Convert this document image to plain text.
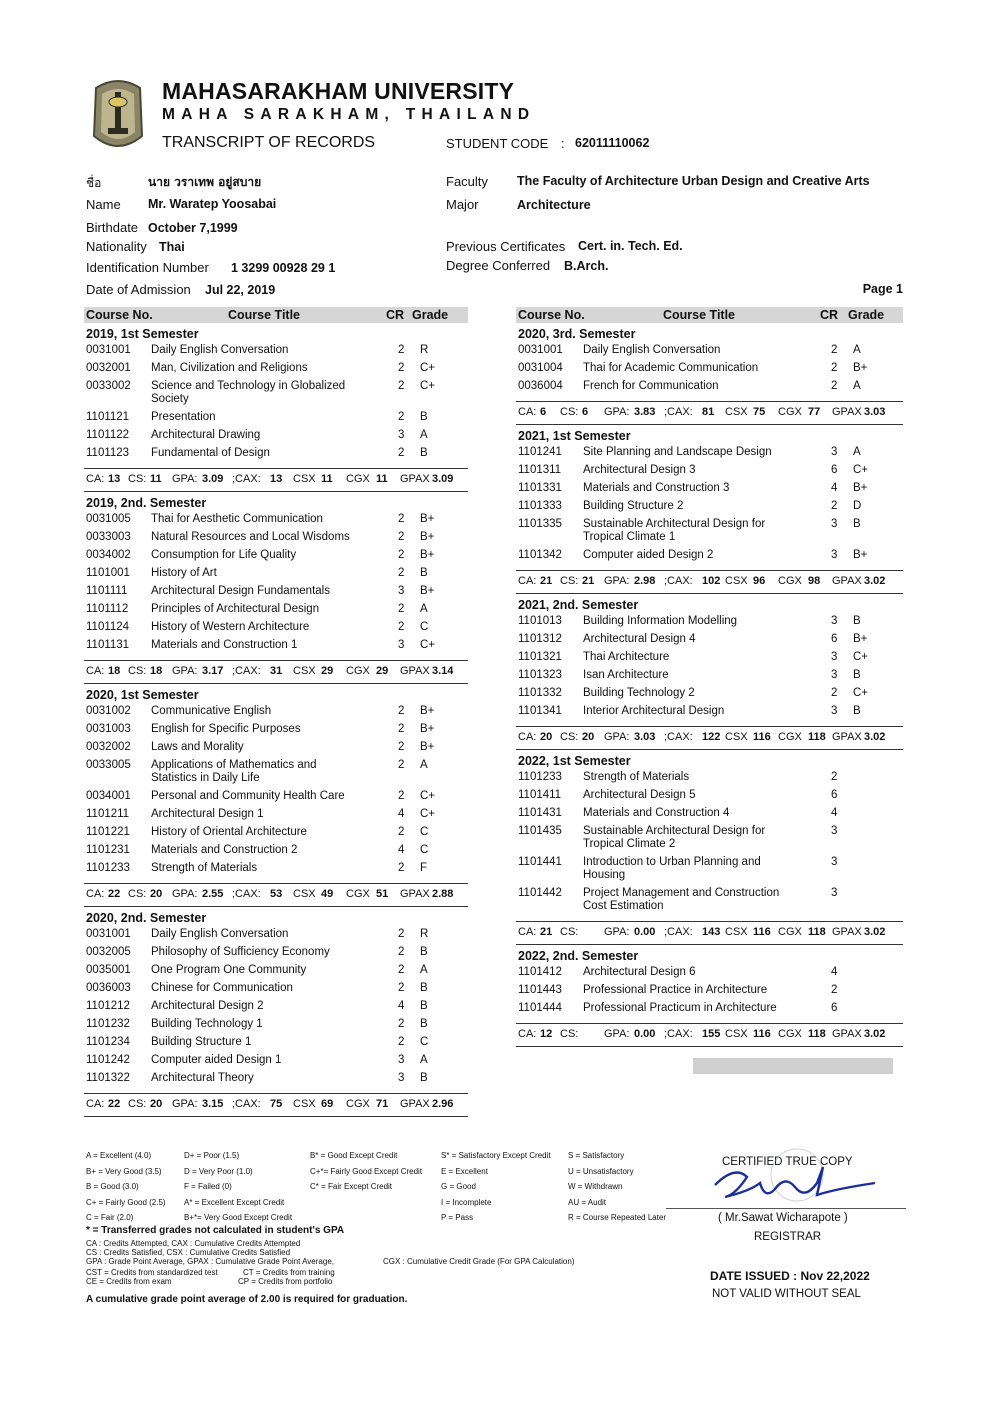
MAHASARAKHAM UNIVERSITY
MAHA SARAKHAM, THAILAND
TRANSCRIPT OF RECORDS	STUDENT CODE : 62011110062
ชื่อ	นาย วราเทพ อยู่สบาย
Name Mr. Waratep Yoosabai
Birthdate October 7,1999
Nationality Thai
Identification Number 1 3299 00928 29 1
Date of Admission Jul 22, 2019
Faculty The Faculty of Architecture Urban Design and Creative Arts
Major	Architecture
Previous Certificates Cert. in. Tech. Ed.
Degree Conferred B.Arch.
Page 1
Course No.	Course Title	CR Grade
2019, 1st Semester
0031001 Daily English Conversation	2 R
0032001 Man, Civilization and Religions	2 C+
0033002 Science and Technology in Globalized Society
2 C+
1101121 Presentation	2 B
1101122 Architectural Drawing	3 A
1101123 Fundamental of Design	2 B
CA: 13 CS: 11 GPA: 3.09 ;CAX: 13 CSX 11 CGX 11 GPAX 3.09
2019, 2nd. Semester
0031005 Thai for Aesthetic Communication	2 B+
0033003 Natural Resources and Local Wisdoms	2 B+
0034002 Consumption for Life Quality	2 B+
1101001 History of Art	2 B
1101111 Architectural Design Fundamentals	3 B+
1101112 Principles of Architectural Design	2 A
1101124 History of Western Architecture	2 C
1101131 Materials and Construction 1	3 C+
CA: 18 CS: 18 GPA: 3.17 ;CAX: 31 CSX 29 CGX 29 GPAX 3.14
2020, 1st Semester
0031002 Communicative English	2 B+
0031003 English for Specific Purposes	2 B+
0032002 Laws and Morality	2 B+
0033005 Applications of Mathematics and Statistics in Daily Life
2 A
0034001 Personal and Community Health Care	2 C+
1101211 Architectural Design 1	4 C+
1101221 History of Oriental Architecture	2 C
1101231 Materials and Construction 2	4 C
1101233 Strength of Materials	2 F
CA: 22 CS: 20 GPA: 2.55 ;CAX: 53 CSX 49 CGX 51 GPAX 2.88
2020, 2nd. Semester
0031001 Daily English Conversation	2 R
0032005 Philosophy of Sufficiency Economy	2 B
0035001 One Program One Community	2 A
0036003 Chinese for Communication	2 B
1101212 Architectural Design 2	4 B
1101232 Building Technology 1	2 B
1101234 Building Structure 1	2 C
1101242 Computer aided Design 1	3 A
1101322 Architectural Theory	3 B
CA: 22 CS: 20 GPA: 3.15 ;CAX: 75 CSX 69 CGX 71 GPAX 2.96
Course No.	Course Title	CR Grade
2020, 3rd. Semester
0031001 Daily English Conversation	2 A
0031004 Thai for Academic Communication	2 B+
0036004 French for Communication	2 A
CA: 6 CS: 6 GPA: 3.83 ;CAX: 81 CSX 75 CGX 77 GPAX 3.03
2021, 1st Semester
1101241 Site Planning and Landscape Design	3 A
1101311 Architectural Design 3	6 C+
1101331 Materials and Construction 3	4 B+
1101333 Building Structure 2	2 D
1101335 Sustainable Architectural Design for Tropical Climate 1
3 B
1101342 Computer aided Design 2	3 B+
CA: 21 CS: 21 GPA: 2.98 ;CAX: 102 CSX 96 CGX 98 GPAX 3.02
2021, 2nd. Semester
1101013 Building Information Modelling	3 B
1101312 Architectural Design 4	6 B+
1101321 Thai Architecture	3 C+
1101323 Isan Architecture	3 B
1101332 Building Technology 2	2 C+
1101341 Interior Architectural Design	3 B
CA: 20 CS: 20 GPA: 3.03 ;CAX: 122 CSX 116 CGX 118 GPAX 3.02
2022, 1st Semester
1101233 Strength of Materials	2
1101411 Architectural Design 5	6
1101431 Materials and Construction 4	4
1101435 Sustainable Architectural Design for Tropical Climate 2
3
1101441 Introduction to Urban Planning and Housing
3
1101442 Project Management and Construction Cost Estimation
3
CA: 21 CS: GPA: 0.00 ;CAX: 143 CSX 116 CGX 118 GPAX 3.02
2022, 2nd. Semester
1101412 Architectural Design 6	4
1101443 Professional Practice in Architecture	2
1101444 Professional Practicum in Architecture	6
CA: 12 CS: GPA: 0.00 ;CAX: 155 CSX 116 CGX 118 GPAX 3.02
A = Excellent (4.0)
B+ = Very Good (3.5)
B = Good (3.0)
C+ = Fairly Good (2.5)
C = Fair (2.0)
D+ = Poor (1.5)
D = Very Poor (1.0)
F = Failed (0)
A* = Excellent Except Credit
B+*= Very Good Except Credit
B* = Good Except Credit
C+*= Fairly Good Except Credit
C* = Fair Except Credit
S* = Satisfactory Except Credit
E = Excellent
G = Good
I = Incomplete
P = Pass
S = Satisfactory
U = Unsatisfactory
W = Withdrawn
AU = Audit
R = Course Repeated Later
* = Transferred grades not calculated in student's GPA
CA : Credits Attempted, CAX : Cumulative Credits Attempted
CS : Credits Satisfied, CSX : Cumulative Credits Satisfied
GPA : Grade Point Average, GPAX : Cumulative Grade Point Average,	CGX : Cumulative Credit Grade (For GPA Calculation)
CST = Credits from standardized test	CT = Credits from training
CE = Credits from exam	CP = Credits from portfolio
A cumulative grade point average of 2.00 is required for graduation.
CERTIFIED TRUE COPY
( Mr.Sawat Wicharapote )
REGISTRAR
DATE ISSUED : Nov 22,2022
NOT VALID WITHOUT SEAL
